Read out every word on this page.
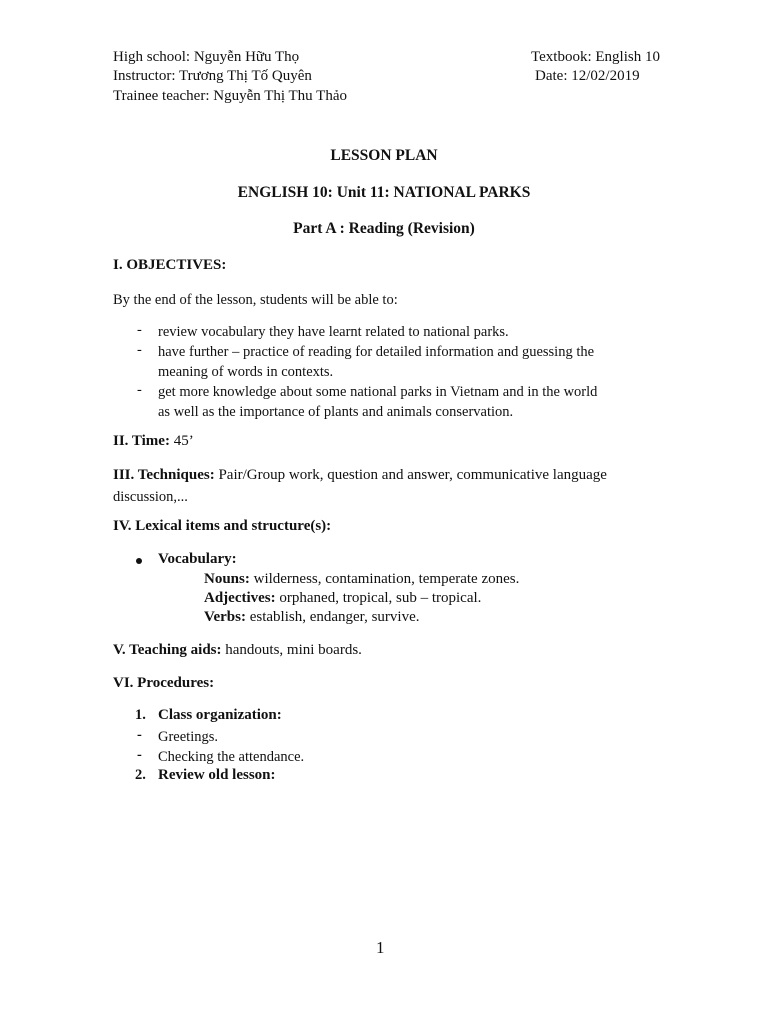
High school: Nguyễn Hữu Thọ
Instructor: Trương Thị Tố Quyên
Trainee teacher: Nguyễn Thị Thu Thảo
Textbook: English 10
Date: 12/02/2019
LESSON PLAN
ENGLISH 10: Unit 11: NATIONAL PARKS
Part A : Reading (Revision)
I. OBJECTIVES:
By the end of the lesson, students will be able to:
- review vocabulary they have learnt related to national parks.
- have further – practice of reading for detailed information and guessing the
meaning of words in contexts.
- get more knowledge about some national parks in Vietnam and in the world
as well as the importance of plants and animals conservation.
II. Time: 45’
III. Techniques: Pair/Group work, question and answer, communicative language
discussion,...
IV. Lexical items and structure(s):
Vocabulary:
Nouns: wilderness, contamination, temperate zones.
Adjectives: orphaned, tropical, sub – tropical.
Verbs: establish, endanger, survive.
V. Teaching aids: handouts, mini boards.
VI. Procedures:
1. Class organization:
- Greetings.
- Checking the attendance.
2. Review old lesson:
1
